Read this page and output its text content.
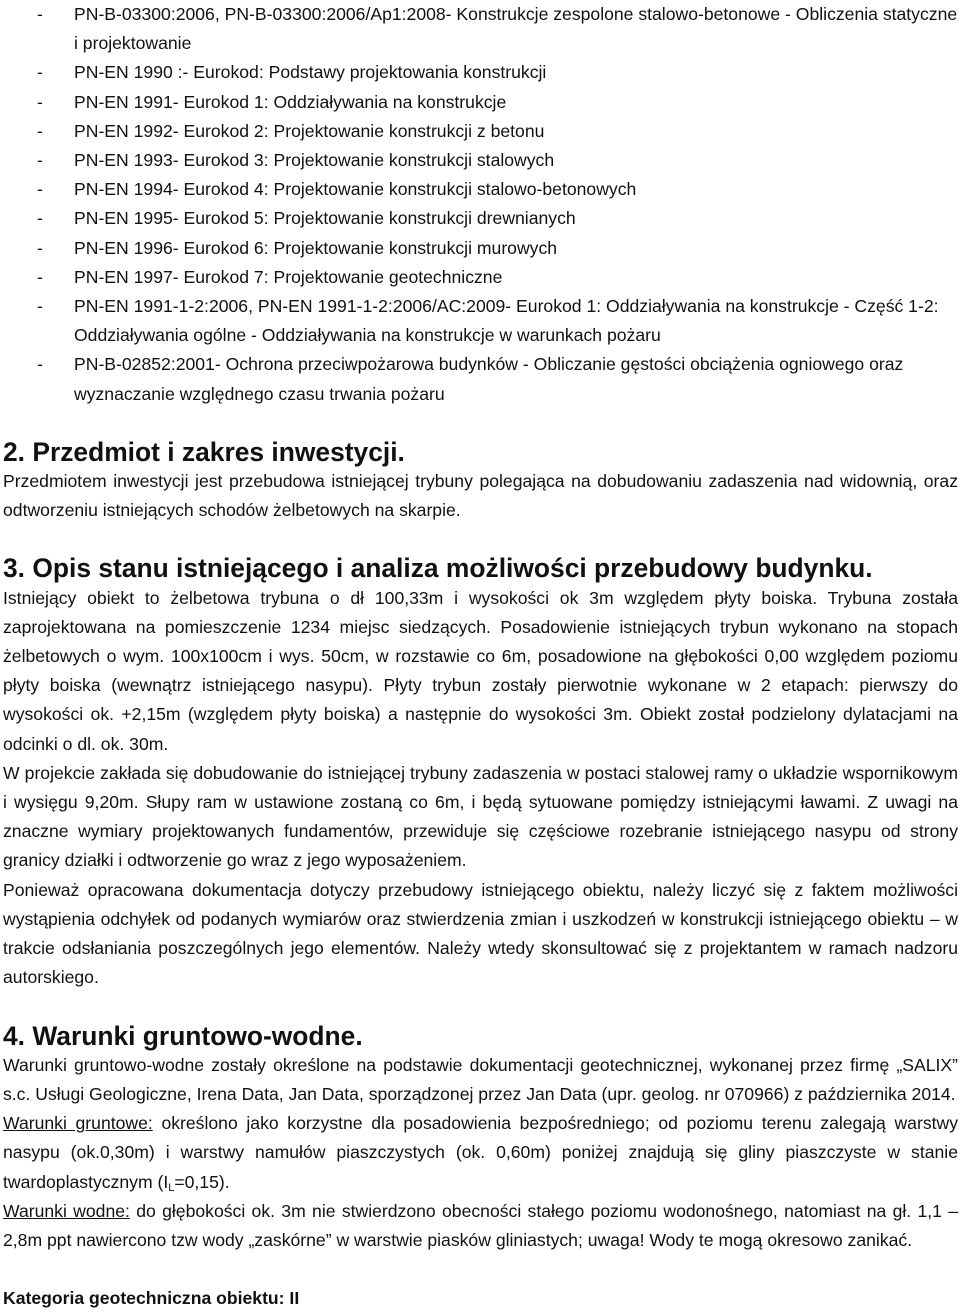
- PN-B-03300:2006, PN-B-03300:2006/Ap1:2008- Konstrukcje zespolone stalowo-betonowe - Obliczenia statyczne i projektowanie
- PN-EN 1990 :- Eurokod: Podstawy projektowania konstrukcji
- PN-EN 1991- Eurokod 1: Oddziaływania na konstrukcje
- PN-EN 1992- Eurokod 2: Projektowanie konstrukcji z betonu
- PN-EN 1993- Eurokod 3: Projektowanie konstrukcji stalowych
- PN-EN 1994- Eurokod 4: Projektowanie konstrukcji stalowo-betonowych
- PN-EN 1995- Eurokod 5: Projektowanie konstrukcji drewnianych
- PN-EN 1996- Eurokod 6: Projektowanie konstrukcji murowych
- PN-EN 1997- Eurokod 7: Projektowanie geotechniczne
- PN-EN 1991-1-2:2006, PN-EN 1991-1-2:2006/AC:2009- Eurokod 1: Oddziaływania na konstrukcje - Część 1-2: Oddziaływania ogólne - Oddziaływania na konstrukcje w warunkach pożaru
- PN-B-02852:2001- Ochrona przeciwpożarowa budynków - Obliczanie gęstości obciążenia ogniowego oraz wyznaczanie względnego czasu trwania pożaru
2. Przedmiot i zakres inwestycji.

Przedmiotem inwestycji jest przebudowa istniejącej trybuny polegająca na dobudowaniu zadaszenia nad widownią, oraz odtworzeniu istniejących schodów żelbetowych na skarpie.

3. Opis stanu istniejącego i analiza możliwości przebudowy budynku.

Istniejący obiekt to żelbetowa trybuna o dł 100,33m i wysokości ok 3m względem płyty boiska. Trybuna została zaprojektowana na pomieszczenie 1234 miejsc siedzących. Posadowienie istniejących trybun wykonano na stopach żelbetowych o wym. 100x100cm i wys. 50cm, w rozstawie co 6m, posadowione na głębokości 0,00 względem poziomu płyty boiska (wewnątrz istniejącego nasypu). Płyty trybun zostały pierwotnie wykonane w 2 etapach: pierwszy do wysokości ok. +2,15m (względem płyty boiska) a następnie do wysokości 3m. Obiekt został podzielony dylatacjami na odcinki o dl. ok. 30m.

W projekcie zakłada się dobudowanie do istniejącej trybuny zadaszenia w postaci stalowej ramy o układzie wspornikowym i wysięgu 9,20m. Słupy ram w ustawione zostaną co 6m, i będą sytuowane pomiędzy istniejącymi ławami. Z uwagi na znaczne wymiary projektowanych fundamentów, przewiduje się częściowe rozebranie istniejącego nasypu od strony granicy działki i odtworzenie go wraz z jego wyposażeniem.

Ponieważ opracowana dokumentacja dotyczy przebudowy istniejącego obiektu, należy liczyć się z faktem możliwości wystąpienia odchyłek od podanych wymiarów oraz stwierdzenia zmian i uszkodzeń w konstrukcji istniejącego obiektu – w trakcie odsłaniania poszczególnych jego elementów. Należy wtedy skonsultować się z projektantem w ramach nadzoru autorskiego.

4. Warunki gruntowo-wodne.

Warunki gruntowo-wodne zostały określone na podstawie dokumentacji geotechnicznej, wykonanej przez firmę „SALIX” s.c. Usługi Geologiczne, Irena Data, Jan Data, sporządzonej przez Jan Data (upr. geolog. nr 070966) z października 2014.

Warunki gruntowe: określono jako korzystne dla posadowienia bezpośredniego; od poziomu terenu zalegają warstwy nasypu (ok.0,30m) i warstwy namułów piaszczystych (ok. 0,60m) poniżej znajdują się gliny piaszczyste w stanie twardoplastycznym $(I_L=0,15)$.

Warunki wodne: do głębokości ok. 3m nie stwierdzono obecności stałego poziomu wodonośnego, natomiast na gł. 1,1 – 2,8m ppt nawiercono tzw wody „zaskórne” w warstwie piasków gliniastych; uwaga! Wody te mogą okresowo zanikać.

Kategoria geotechniczna obiektu: II
